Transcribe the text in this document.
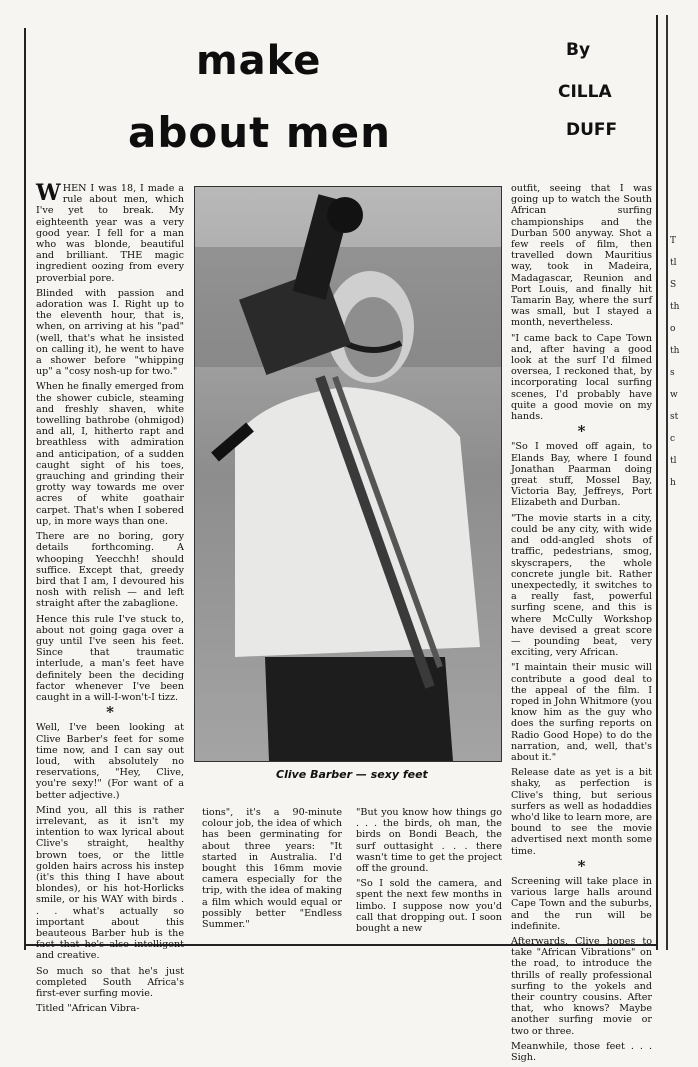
make
about men
By
CILLA
DUFF

WHEN I was 18, I made a rule about men, which I've yet to break. My eighteenth year was a very good year. I fell for a man who was blonde, beautiful and brilliant. THE magic ingredient oozing from every proverbial pore.

Blinded with passion and adoration was I. Right up to the eleventh hour, that is, when, on arriving at his "pad" (well, that's what he insisted on calling it), he went to have a shower before "whipping up" a "cosy nosh-up for two."

When he finally emerged from the shower cubicle, steaming and freshly shaven, white towelling bathrobe (ohmigod) and all, I, hitherto rapt and breathless with admiration and anticipation, of a sudden caught sight of his toes, grauching and grinding their grotty way towards me over acres of white goathair carpet. That's when I sobered up, in more ways than one.

There are no boring, gory details forthcoming. A whooping Yeecchh! should suffice. Except that, greedy bird that I am, I devoured his nosh with relish — and left straight after the zabaglione.

Hence this rule I've stuck to, about not going gaga over a guy until I've seen his feet. Since that traumatic interlude, a man's feet have definitely been the deciding factor whenever I've been caught in a will-I-won't-I tizz.

*

Well, I've been looking at Clive Barber's feet for some time now, and I can say out loud, with absolutely no reservations, "Hey, Clive, you're sexy!" (For want of a better adjective.)

Mind you, all this is rather irrelevant, as it isn't my intention to wax lyrical about Clive's straight, healthy brown toes, or the little golden hairs across his instep (it's this thing I have about blondes), or his hot-Horlicks smile, or his WAY with birds . . . what's actually so important about this beauteous Barber hub is the fact that he's also intelligent and creative.

So much so that he's just completed South Africa's first-ever surfing movie.

Titled "African Vibra-

Clive Barber — sexy feet

tions", it's a 90-minute colour job, the idea of which has been germinating for about three years: "It started in Australia. I'd bought this 16mm movie camera especially for the trip, with the idea of making a film which would equal or possibly better "Endless Summer."

"But you know how things go . . . the birds, oh man, the birds on Bondi Beach, the surf outtasight . . . there wasn't time to get the project off the ground.

"So I sold the camera, and spent the next few months in limbo. I suppose now you'd call that dropping out. I soon bought a new

outfit, seeing that I was going up to watch the South African surfing championships and the Durban 500 anyway. Shot a few reels of film, then travelled down Mauritius way, took in Madeira, Madagascar, Reunion and Port Louis, and finally hit Tamarin Bay, where the surf was small, but I stayed a month, nevertheless.

"I came back to Cape Town and, after having a good look at the surf I'd filmed oversea, I reckoned that, by incorporating local surfing scenes, I'd probably have quite a good movie on my hands.

*

"So I moved off again, to Elands Bay, where I found Jonathan Paarman doing great stuff, Mossel Bay, Victoria Bay, Jeffreys, Port Elizabeth and Durban.

"The movie starts in a city, could be any city, with wide and odd-angled shots of traffic, pedestrians, smog, skyscrapers, the whole concrete jungle bit. Rather unexpectedly, it switches to a really fast, powerful surfing scene, and this is where McCully Workshop have devised a great score — pounding beat, very exciting, very African.

"I maintain their music will contribute a good deal to the appeal of the film. I roped in John Whitmore (you know him as the guy who does the surfing reports on Radio Good Hope) to do the narration, and, well, that's about it."

Release date as yet is a bit shaky, as perfection is Clive's thing, but serious surfers as well as hodaddies who'd like to learn more, are bound to see the movie advertised next month some time.

*

Screening will take place in various large halls around Cape Town and the suburbs, and the run will be indefinite.

Afterwards, Clive hopes to take "African Vibrations" on the road, to introduce the thrills of really professional surfing to the yokels and their country cousins. After that, who knows? Maybe another surfing movie or two or three.

Meanwhile, those feet . . . Sigh.

T
tl
S
th
o
th
s
w
st
c
tl
h
